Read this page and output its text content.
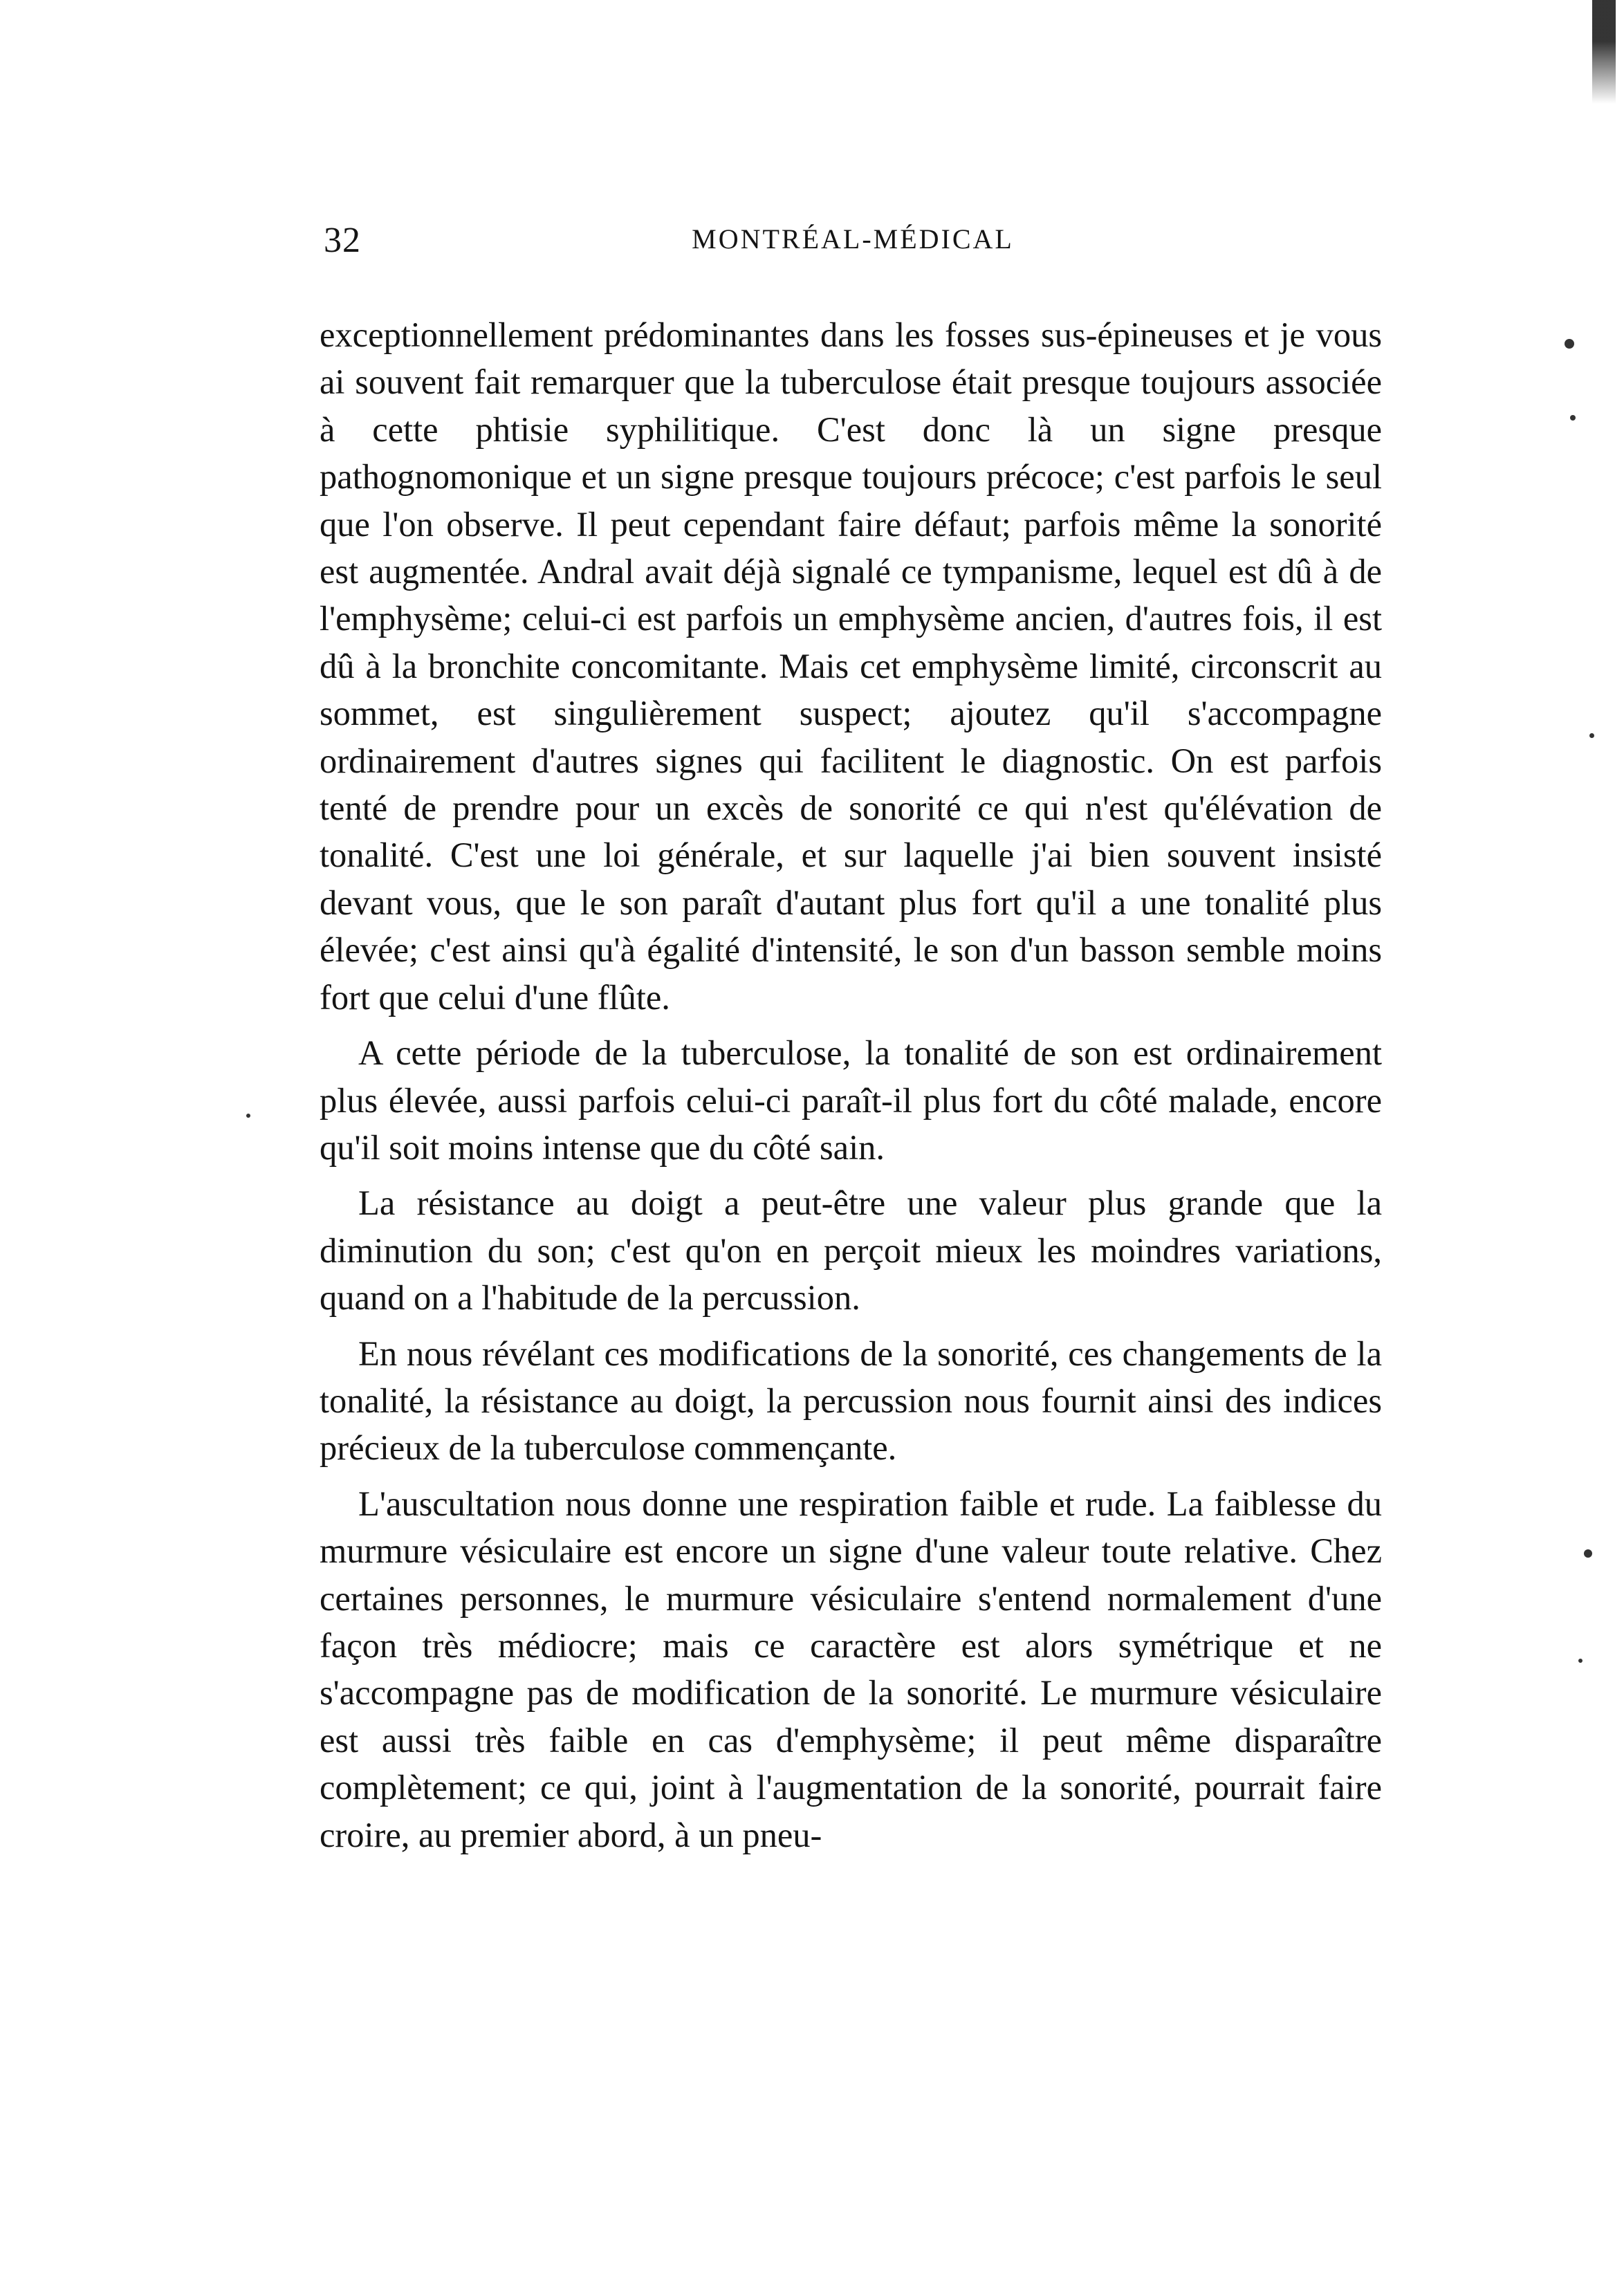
32	MONTRÉAL-MÉDICAL

exceptionnellement prédominantes dans les fosses sus-épineuses et je vous ai souvent fait remarquer que la tuberculose était presque toujours associée à cette phtisie syphilitique. C'est donc là un signe presque pathognomonique et un signe presque toujours précoce; c'est parfois le seul que l'on observe. Il peut cependant faire défaut; parfois même la sonorité est augmentée. Andral avait déjà signalé ce tympanisme, lequel est dû à de l'emphysème; celui-ci est parfois un emphysème ancien, d'autres fois, il est dû à la bronchite concomitante. Mais cet emphysème limité, circonscrit au sommet, est singulièrement suspect; ajoutez qu'il s'accompagne ordinairement d'autres signes qui facilitent le diagnostic. On est parfois tenté de prendre pour un excès de sonorité ce qui n'est qu'élévation de tonalité. C'est une loi générale, et sur laquelle j'ai bien souvent insisté devant vous, que le son paraît d'autant plus fort qu'il a une tonalité plus élevée; c'est ainsi qu'à égalité d'intensité, le son d'un basson semble moins fort que celui d'une flûte.

A cette période de la tuberculose, la tonalité de son est ordinairement plus élevée, aussi parfois celui-ci paraît-il plus fort du côté malade, encore qu'il soit moins intense que du côté sain.

La résistance au doigt a peut-être une valeur plus grande que la diminution du son; c'est qu'on en perçoit mieux les moindres variations, quand on a l'habitude de la percussion.

En nous révélant ces modifications de la sonorité, ces changements de la tonalité, la résistance au doigt, la percussion nous fournit ainsi des indices précieux de la tuberculose commençante.

L'auscultation nous donne une respiration faible et rude. La faiblesse du murmure vésiculaire est encore un signe d'une valeur toute relative. Chez certaines personnes, le murmure vésiculaire s'entend normalement d'une façon très médiocre; mais ce caractère est alors symétrique et ne s'accompagne pas de modification de la sonorité. Le murmure vésiculaire est aussi très faible en cas d'emphysème; il peut même disparaître complètement; ce qui, joint à l'augmentation de la sonorité, pourrait faire croire, au premier abord, à un pneu-
